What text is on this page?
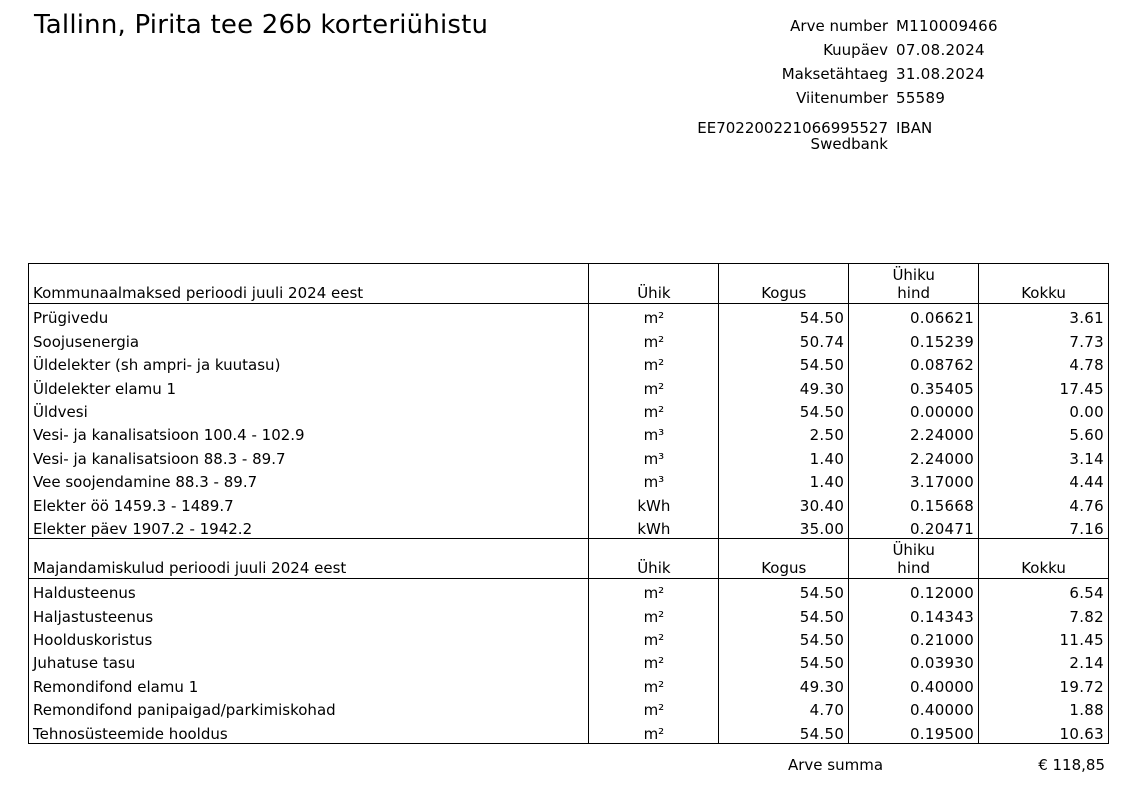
Tallinn, Pirita tee 26b korteriühistu	Arve number M110009466
Kuupäev 07.08.2024
Maksetähtaeg 31.08.2024
Viitenumber 55589
EE702200221066995527 IBAN
Swedbank
Kommunaalmaksed perioodi juuli 2024 eest	Ühik	Kogus	Ühiku
hind	Kokku
Prügivedu	m²	54.50	0.06621	3.61
Soojusenergia	m²	50.74	0.15239	7.73
Üldelekter (sh ampri- ja kuutasu)	m²	54.50	0.08762	4.78
Üldelekter elamu 1	m²	49.30	0.35405	17.45
Üldvesi	m²	54.50	0.00000	0.00
Vesi- ja kanalisatsioon 100.4 - 102.9	m³	2.50	2.24000	5.60
Vesi- ja kanalisatsioon 88.3 - 89.7	m³	1.40	2.24000	3.14
Vee soojendamine 88.3 - 89.7	m³	1.40	3.17000	4.44
Elekter öö 1459.3 - 1489.7	kWh	30.40	0.15668	4.76
Elekter päev 1907.2 - 1942.2	kWh	35.00	0.20471	7.16
Majandamiskulud perioodi juuli 2024 eest	Ühik	Kogus	Ühiku
hind	Kokku
Haldusteenus	m²	54.50	0.12000	6.54
Haljastusteenus	m²	54.50	0.14343	7.82
Hoolduskoristus	m²	54.50	0.21000	11.45
Juhatuse tasu	m²	54.50	0.03930	2.14
Remondifond elamu 1	m²	49.30	0.40000	19.72
Remondifond panipaigad/parkimiskohad	m²	4.70	0.40000	1.88
Tehnosüsteemide hooldus	m²	54.50	0.19500	10.63
Arve summa	€ 118,85
